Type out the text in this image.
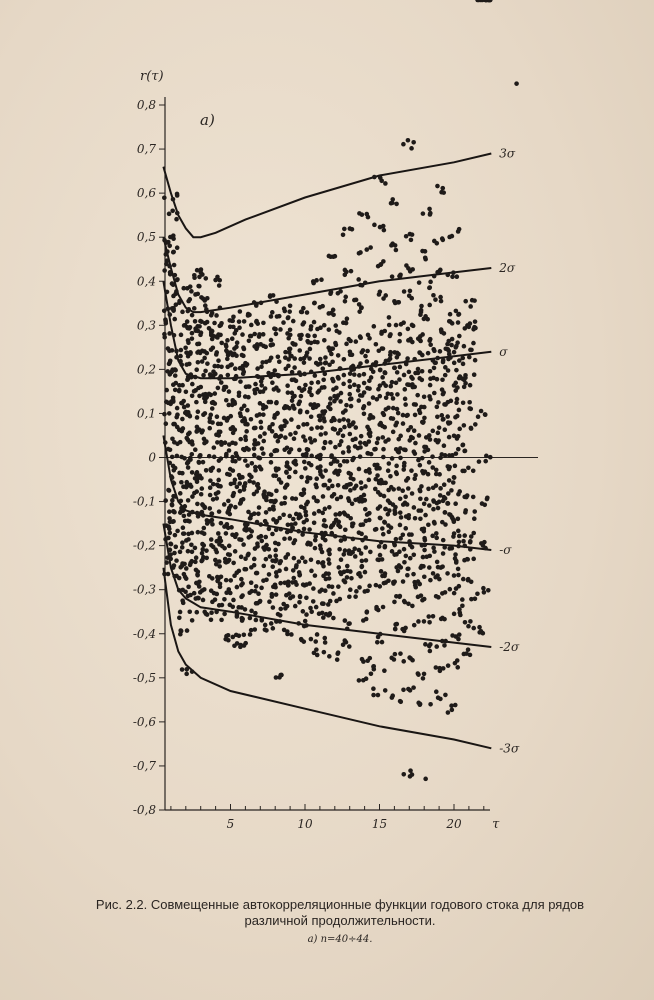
0,8
0,7
0,6
0,5
0,4
0,3
0,2
0,1
0
-0,1
-0,2
-0,3
-0,4
-0,5
-0,6
-0,7
-0,8
5	10	15	20
r(τ)
τ
а)
3σ
2σ
σ
-σ
-2σ
-3σ
Рис. 2.2. Совмещенные автокорреляционные функции годового стока для рядов
различной продолжительности.
а) n=40÷44.
